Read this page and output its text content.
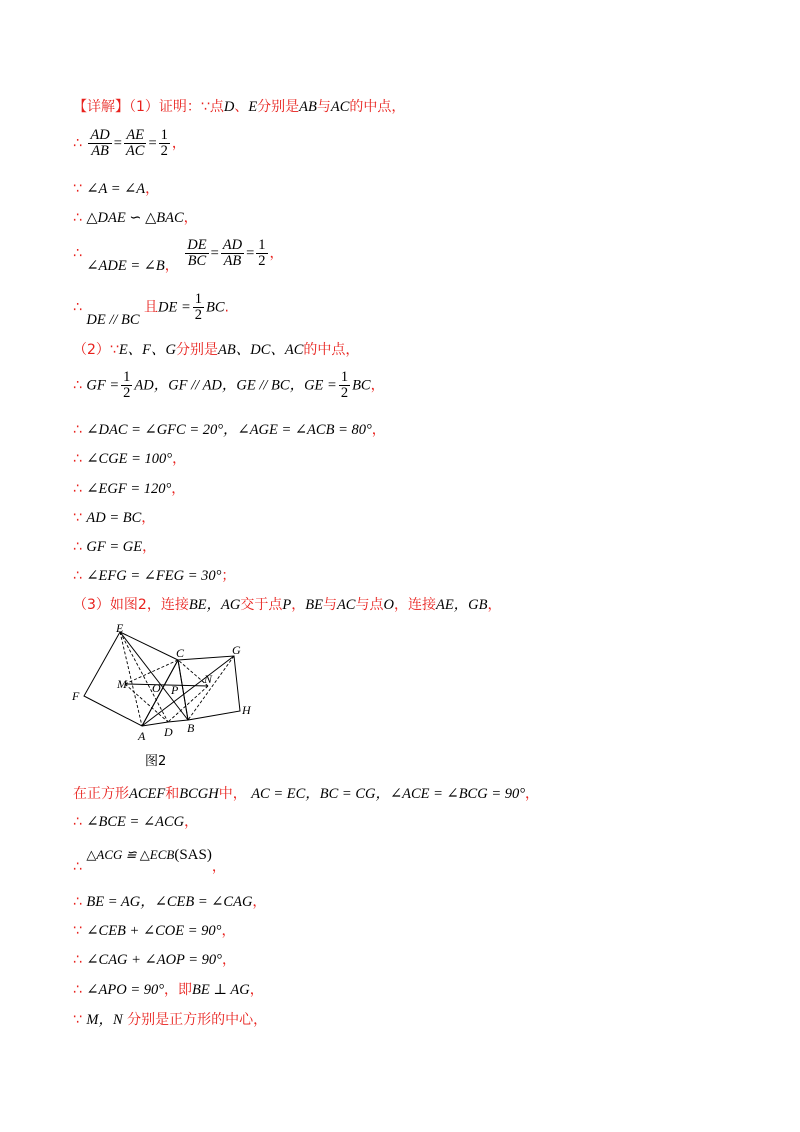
【详解】（1）证明：∵点D、E分别是AB与AC的中点，
∴ $\frac{AD}{AB} = \frac{AE}{AC} = \frac{1}{2}$ ，
∵ ∠A = ∠A，
∴ △DAE ∽ △BAC，
∴ ∠ADE = ∠B， $\frac{DE}{BC} = \frac{AD}{AB} = \frac{1}{2}$ ，
∴ DE // BC 且DE = $\frac{1}{2}$ BC.
（2）∵E、F、G分别是AB、DC、AC的中点，
∴ GF = $\frac{1}{2}$ AD，GF // AD，GE // BC，GE = $\frac{1}{2}$ BC，
∴ ∠DAC = ∠GFC = 20°，∠AGE = ∠ACB = 80°，
∴ ∠CGE = 100°，
∴ ∠EGF = 120°，
∵ AD = BC，
∴ GF = GE，
∴ ∠EFG = ∠FEG = 30°；
（3）如图2，连接BE，AG交于点P，BE与AC与点O，连接AE，GB，
E
C	G
M O P
N
F
H
A D B
图2
在正方形ACEF和BCGH中， AC = EC，BC = CG，∠ACE = ∠BCG = 90°，
∴ ∠BCE = ∠ACG，
∴ △ACG ≌ △ECB(SAS)，
∴ BE = AG，∠CEB = ∠CAG，
∵ ∠CEB + ∠COE = 90°，
∴ ∠CAG + ∠AOP = 90°，
∴ ∠APO = 90°，即BE ⊥ AG，
∵ M，N 分别是正方形的中心，
